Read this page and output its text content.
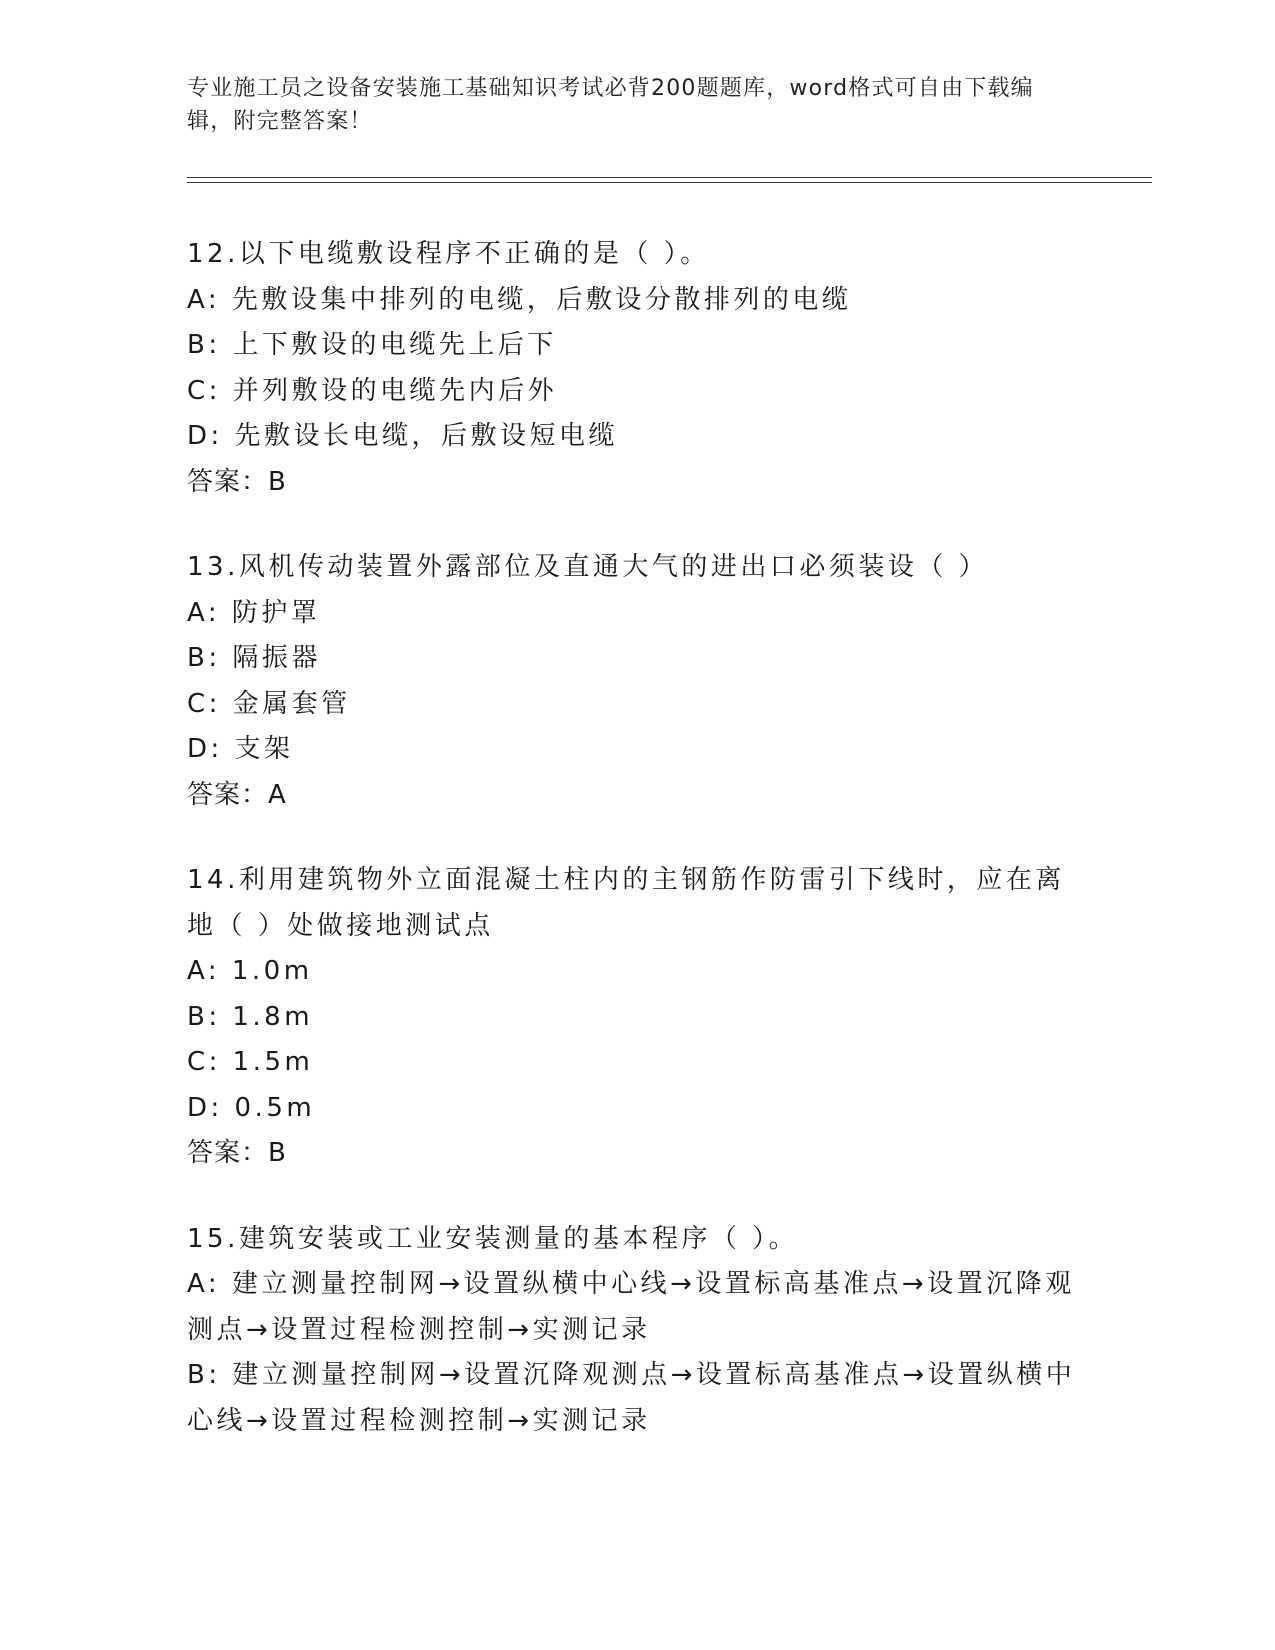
专业施工员之设备安装施工基础知识考试必背200题题库，word格式可自由下载编辑，附完整答案！
12.以下电缆敷设程序不正确的是（ ）。
A: 先敷设集中排列的电缆，后敷设分散排列的电缆
B: 上下敷设的电缆先上后下
C: 并列敷设的电缆先内后外
D: 先敷设长电缆，后敷设短电缆
答案：B
13.风机传动装置外露部位及直通大气的进出口必须装设（ ）
A: 防护罩
B: 隔振器
C: 金属套管
D: 支架
答案：A
14.利用建筑物外立面混凝土柱内的主钢筋作防雷引下线时，应在离地（ ）处做接地测试点
A: 1.0m
B: 1.8m
C: 1.5m
D: 0.5m
答案：B
15.建筑安装或工业安装测量的基本程序（ ）。
A: 建立测量控制网→设置纵横中心线→设置标高基准点→设置沉降观测点→设置过程检测控制→实测记录
B: 建立测量控制网→设置沉降观测点→设置标高基准点→设置纵横中心线→设置过程检测控制→实测记录
